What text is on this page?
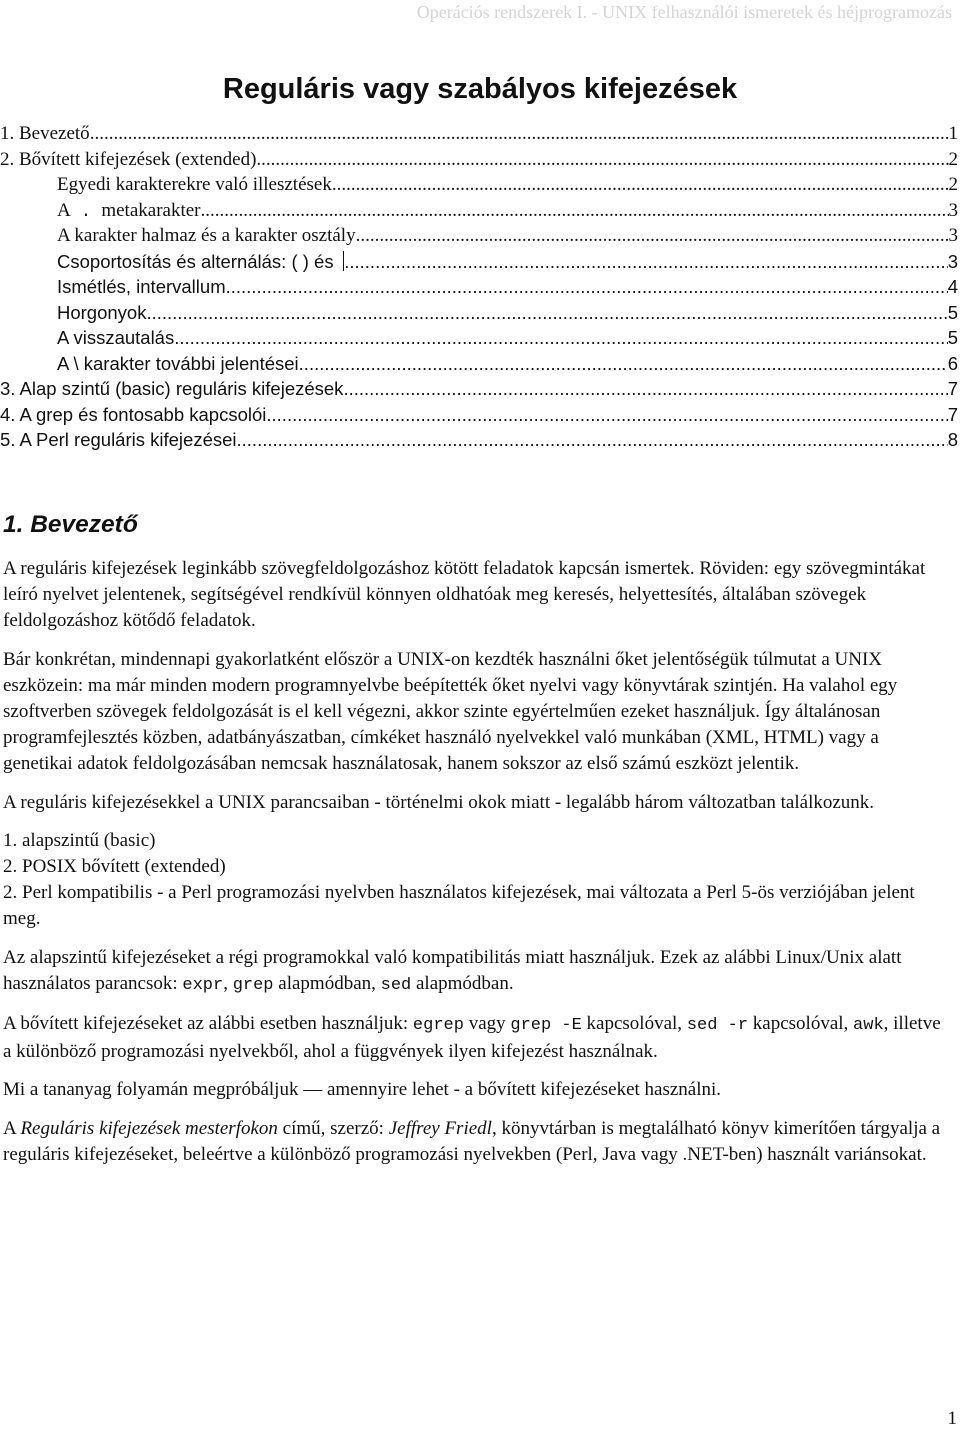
Operációs rendszerek I. - UNIX felhasználói ismeretek és héjprogramozás
Reguláris vagy szabályos kifejezések
1. Bevezető .....	1
2. Bővített kifejezések (extended) .....	2
Egyedi karakterekre való illesztések .....	2
A . metakarakter .....	3
A karakter halmaz és a karakter osztály .....	3
Csoportosítás és alternálás: ( ) és .....	3
Ismétlés, intervallum .....	4
Horgonyok .....	5
A visszautalás .....	5
A \ karakter további jelentései .....	6
3. Alap szintű (basic) reguláris kifejezések .....	7
4. A grep és fontosabb kapcsolói .....	7
5. A Perl reguláris kifejezései .....	8
1. Bevezető

A reguláris kifejezések leginkább szövegfeldolgozáshoz kötött feladatok kapcsán ismertek. Röviden: egy szövegmintákat leíró nyelvet jelentenek, segítségével rendkívül könnyen oldhatóak meg keresés, helyettesítés, általában szövegek feldolgozáshoz kötődő feladatok.

Bár konkrétan, mindennapi gyakorlatként először a UNIX-on kezdték használni őket jelentőségük túlmutat a UNIX eszközein: ma már minden modern programnyelvbe beépítették őket nyelvi vagy könyvtárak szintjén. Ha valahol egy szoftverben szövegek feldolgozását is el kell végezni, akkor szinte egyértelműen ezeket használjuk. Így általánosan programfejlesztés közben, adatbányászatban, címkéket használó nyelvekkel való munkában (XML, HTML) vagy a genetikai adatok feldolgozásában nemcsak használatosak, hanem sokszor az első számú eszközt jelentik.

A reguláris kifejezésekkel a UNIX parancsaiban - történelmi okok miatt - legalább három változatban találkozunk.

1. alapszintű (basic)
2. POSIX bővített (extended)
2. Perl kompatibilis - a Perl programozási nyelvben használatos kifejezések, mai változata a Perl 5-ös verziójában jelent meg.

Az alapszintű kifejezéseket a régi programokkal való kompatibilitás miatt használjuk. Ezek az alábbi Linux/Unix alatt használatos parancsok: expr, grep alapmódban, sed alapmódban.

A bővített kifejezéseket az alábbi esetben használjuk: egrep vagy grep -E kapcsolóval, sed -r kapcsolóval, awk, illetve a különböző programozási nyelvekből, ahol a függvények ilyen kifejezést használnak.

Mi a tananyag folyamán megpróbáljuk — amennyire lehet - a bővített kifejezéseket használni.

A Reguláris kifejezések mesterfokon című, szerző: Jeffrey Friedl, könyvtárban is megtalálható könyv kimerítően tárgyalja a reguláris kifejezéseket, beleértve a különböző programozási nyelvekben (Perl, Java vagy .NET-ben) használt variánsokat.

1
